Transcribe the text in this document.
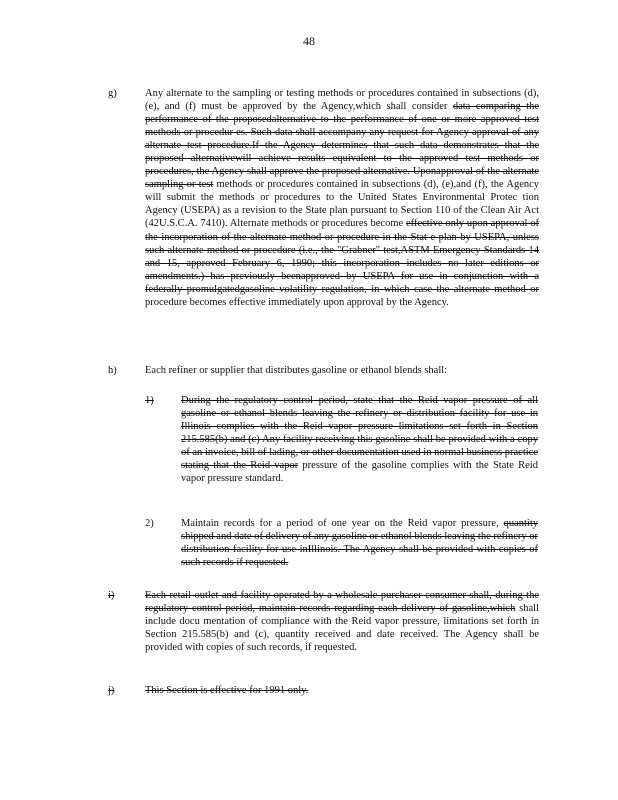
48
g)	Any alternate to the sampling or testing methods or procedures contained in subsections (d), (e), and (f) must be approved by the Agency,which shall consider data comparing the performance of the proposedalternative to the performance of one or more approved test methods or procedur es. Such data shall accompany any request for Agency approval of any alternate test procedure.If the Agency determines that such data demonstrates that the proposed alternativewill achieve results equivalent to the approved test methods or procedures, the Agency shall approve the proposed alternative. Uponapproval of the alternate sampling or test methods or procedures contained in subsections (d), (e),and (f), the Agency will submit the methods or procedures to the United States Environmental Protec tion Agency (USEPA) as a revision to the State plan pursuant to Section 110 of the Clean Air Act (42U.S.C.A. 7410). Alternate methods or procedures become effective only upon approval of the incorporation of the alternate method or procedure in the Stat e plan by USEPA, unless such alternate method or procedure (i.e., the "Grabner" test,ASTM Emergency Standards 14 and 15, approved February 6, 1990; this incorporation includes no later editions or amendments.) has previously beenapproved by USEPA for use in conjunction with a federally promulgatedgasoline volatility regulation, in which case the alternate method or procedure becomes effective immediately upon approval by the Agency.
h)	Each refiner or supplier that distributes gasoline or ethanol blends shall:
1)	During the regulatory control period, state that the Reid vapor pressure of all gasoline or ethanol blends leaving the refinery or distribution facility for use in Illinois complies with the Reid vapor pressure limitations set forth in Section 215.585(b) and (c) Any facility receiving this gasoline shall be provided with a copy of an invoice, bill of lading, or other documentation used in normal business practice stating that the Reid vapor pressure of the gasoline complies with the State Reid vapor pressure standard.
2)	Maintain records for a period of one year on the Reid vapor pressure, quantity shipped and date of delivery of any gasoline or ethanol blends leaving the refinery or distribution facility for use inIllinois. The Agency shall be provided with copies of such records if requested.
i)	Each retail outlet and facility operated by a wholesale purchaser consumer shall, during the regulatory control period, maintain records regarding each delivery of gasoline,which shall include docu mentation of compliance with the Reid vapor pressure, limitations set forth in Section 215.585(b) and (c), quantity received and date received. The Agency shall be provided with copies of such records, if requested.
j)	This Section is effective for 1991 only.
